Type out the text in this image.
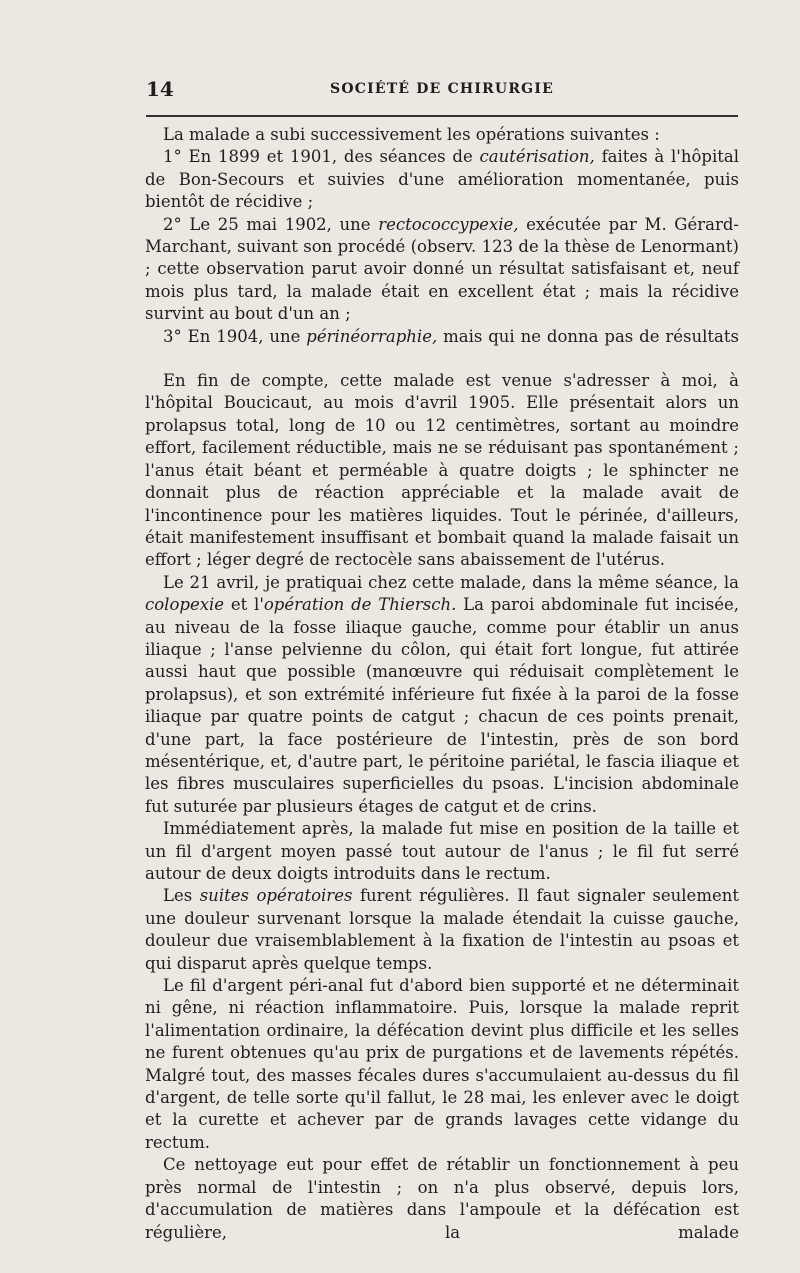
14	SOCIÉTÉ DE CHIRURGIE

La malade a subi successivement les opérations suivantes :

1° En 1899 et 1901, des séances de cautérisation, faites à l'hôpital de Bon-Secours et suivies d'une amélioration momentanée, puis bientôt de récidive ;

2° Le 25 mai 1902, une rectococcypexie, exécutée par M. Gérard-Marchant, suivant son procédé (observ. 123 de la thèse de Lenormant) ; cette observation parut avoir donné un résultat satisfaisant et, neuf mois plus tard, la malade était en excellent état ; mais la récidive survint au bout d'un an ;

3° En 1904, une périnéorraphie, mais qui ne donna pas de résultats

En fin de compte, cette malade est venue s'adresser à moi, à l'hôpital Boucicaut, au mois d'avril 1905. Elle présentait alors un prolapsus total, long de 10 ou 12 centimètres, sortant au moindre effort, facilement réductible, mais ne se réduisant pas spontanément ; l'anus était béant et perméable à quatre doigts ; le sphincter ne donnait plus de réaction appréciable et la malade avait de l'incontinence pour les matières liquides. Tout le périnée, d'ailleurs, était manifestement insuffisant et bombait quand la malade faisait un effort ; léger degré de rectocèle sans abaissement de l'utérus.

Le 21 avril, je pratiquai chez cette malade, dans la même séance, la colopexie et l'opération de Thiersch. La paroi abdominale fut incisée, au niveau de la fosse iliaque gauche, comme pour établir un anus iliaque ; l'anse pelvienne du côlon, qui était fort longue, fut attirée aussi haut que possible (manœuvre qui réduisait complètement le prolapsus), et son extrémité inférieure fut fixée à la paroi de la fosse iliaque par quatre points de catgut ; chacun de ces points prenait, d'une part, la face postérieure de l'intestin, près de son bord mésentérique, et, d'autre part, le péritoine pariétal, le fascia iliaque et les fibres musculaires superficielles du psoas. L'incision abdominale fut suturée par plusieurs étages de catgut et de crins.

Immédiatement après, la malade fut mise en position de la taille et un fil d'argent moyen passé tout autour de l'anus ; le fil fut serré autour de deux doigts introduits dans le rectum.

Les suites opératoires furent régulières. Il faut signaler seulement une douleur survenant lorsque la malade étendait la cuisse gauche, douleur due vraisemblablement à la fixation de l'intestin au psoas et qui disparut après quelque temps.

Le fil d'argent péri-anal fut d'abord bien supporté et ne déterminait ni gêne, ni réaction inflammatoire. Puis, lorsque la malade reprit l'alimentation ordinaire, la défécation devint plus difficile et les selles ne furent obtenues qu'au prix de purgations et de lavements répétés. Malgré tout, des masses fécales dures s'accumulaient au-dessus du fil d'argent, de telle sorte qu'il fallut, le 28 mai, les enlever avec le doigt et la curette et achever par de grands lavages cette vidange du rectum.

Ce nettoyage eut pour effet de rétablir un fonctionnement à peu près normal de l'intestin ; on n'a plus observé, depuis lors, d'accumulation de matières dans l'ampoule et la défécation est régulière, la malade
